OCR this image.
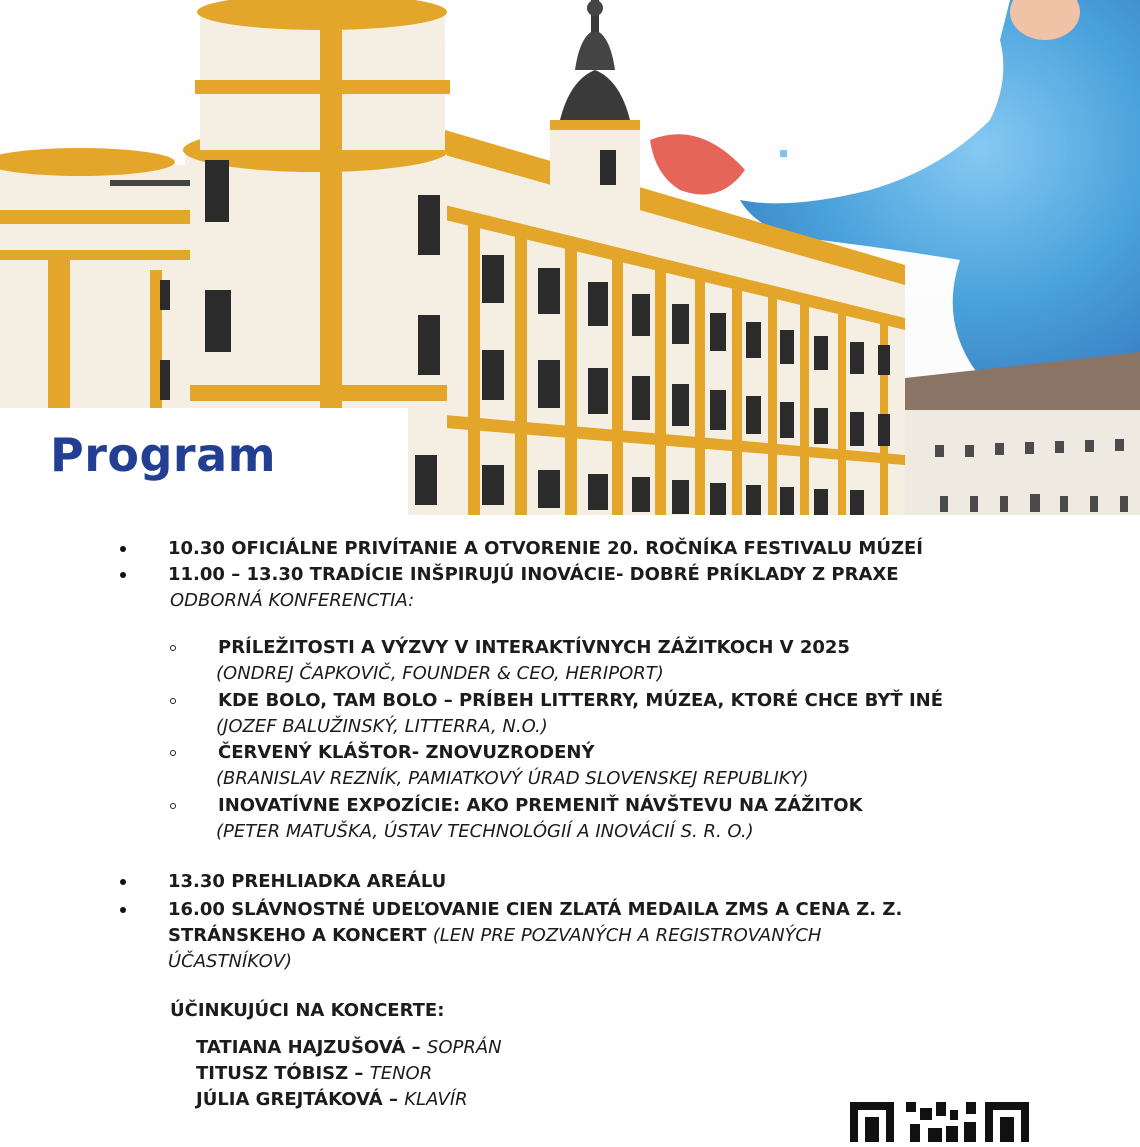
Program
10.30 OFICIÁLNE PRIVÍTANIE A OTVORENIE 20. ROČNÍKA FESTIVALU MÚZEÍ
11.00 – 13.30 TRADÍCIE INŠPIRUJÚ INOVÁCIE- DOBRÉ PRÍKLADY Z PRAXE
ODBORNÁ KONFERENCTIA:
PRÍLEŽITOSTI A VÝZVY V INTERAKTÍVNYCH ZÁŽITKOCH V 2025
(ONDREJ ČAPKOVIČ, FOUNDER & CEO, HERIPORT)
KDE BOLO, TAM BOLO – PRÍBEH LITTERRY, MÚZEA, KTORÉ CHCE BYŤ INÉ
(JOZEF BALUŽINSKÝ, LITTERRA, N.O.)
ČERVENÝ KLÁŠTOR- ZNOVUZRODENÝ
(BRANISLAV REZNÍK, PAMIATKOVÝ ÚRAD SLOVENSKEJ REPUBLIKY)
INOVATÍVNE EXPOZÍCIE: AKO PREMENIŤ NÁVŠTEVU NA ZÁŽITOK
(PETER MATUŠKA, ÚSTAV TECHNOLÓGIÍ A INOVÁCIÍ S. R. O.)
13.30 PREHLIADKA AREÁLU
16.00 SLÁVNOSTNÉ UDEĽOVANIE CIEN ZLATÁ MEDAILA ZMS A CENA Z. Z.
STRÁNSKEHO A KONCERT (LEN PRE POZVANÝCH A REGISTROVANÝCH
ÚČASTNÍKOV)
ÚČINKUJÚCI NA KONCERTE:
TATIANA HAJZUŠOVÁ – SOPRÁN
TITUSZ TÓBISZ – TENOR
JÚLIA GREJTÁKOVÁ – KLAVÍR
